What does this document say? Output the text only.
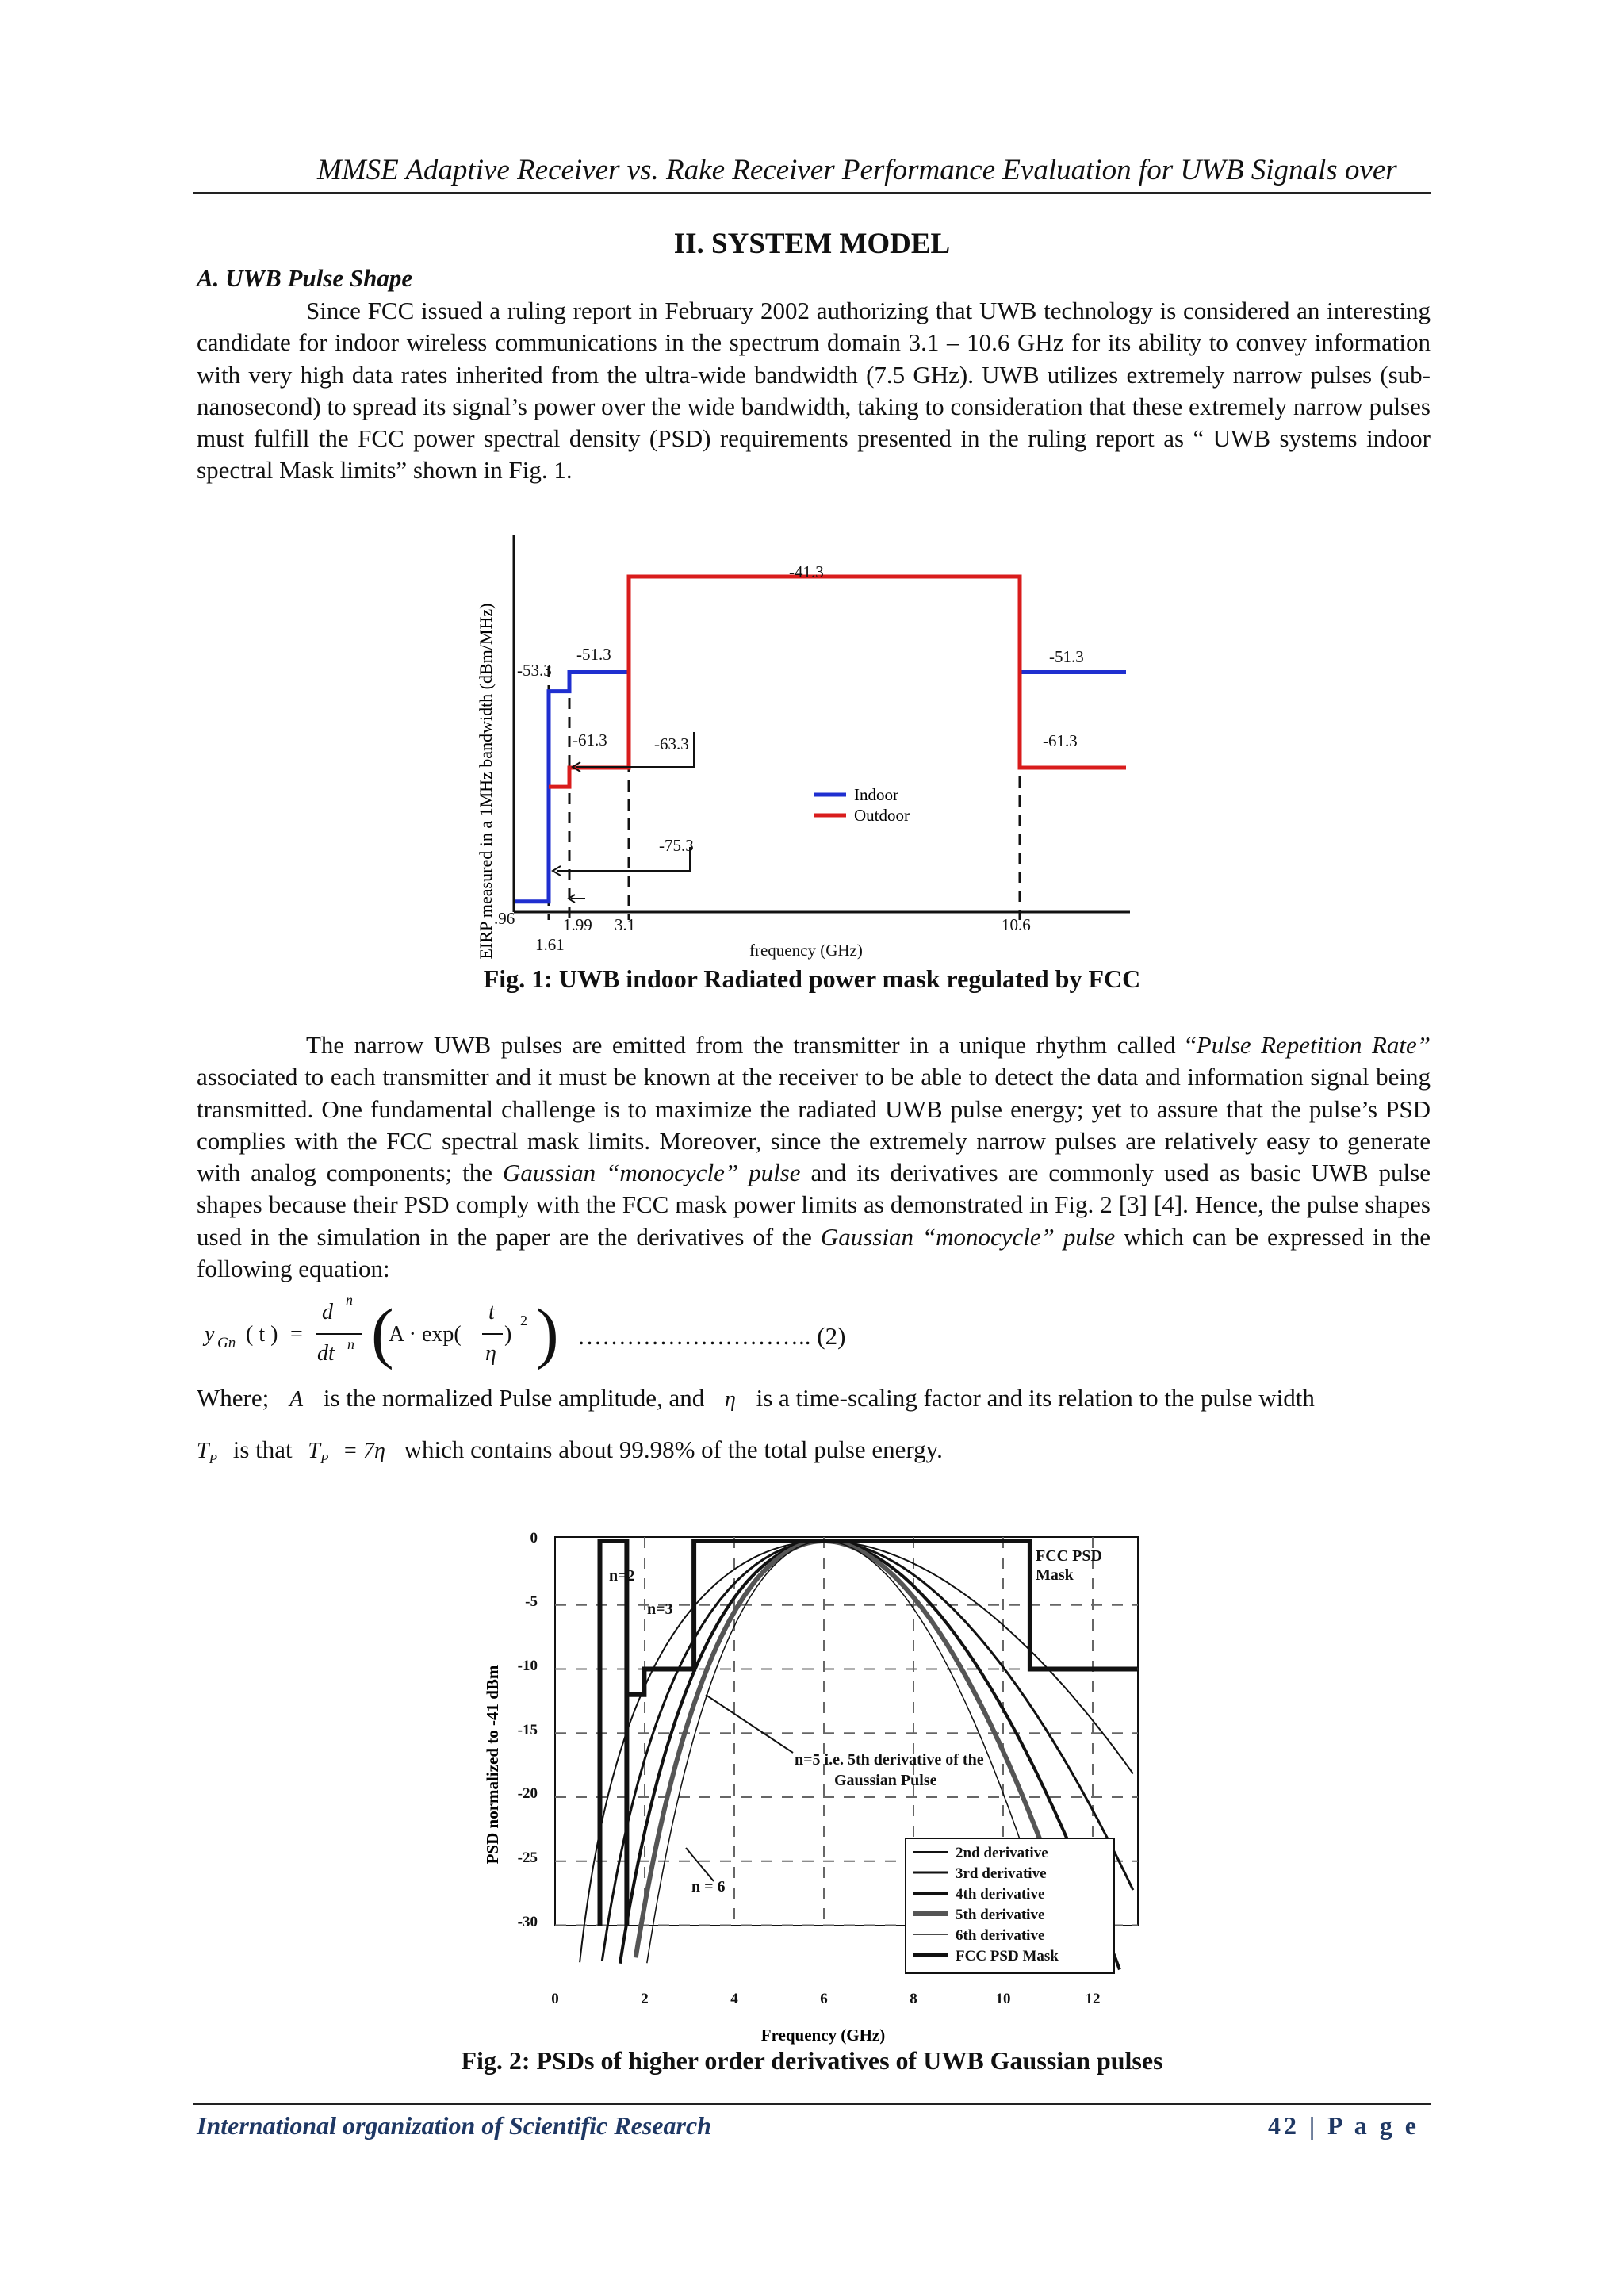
MMSE Adaptive Receiver vs. Rake Receiver Performance Evaluation for UWB Signals over
II. SYSTEM MODEL
A. UWB Pulse Shape

Since FCC issued a ruling report in February 2002 authorizing that UWB technology is considered an interesting candidate for indoor wireless communications in the spectrum domain 3.1 – 10.6 GHz for its ability to convey information with very high data rates inherited from the ultra-wide bandwidth (7.5 GHz). UWB utilizes extremely narrow pulses (sub-nanosecond) to spread its signal’s power over the wide bandwidth, taking to consideration that these extremely narrow pulses must fulfill the FCC power spectral density (PSD) requirements presented in the ruling report as “ UWB systems indoor spectral Mask limits” shown in Fig. 1.

EIRP measured in a 1MHz bandwidth (dBm/MHz)
-41.3
-51.3
-53.3
-61.3	-63.3
-75.3
-51.3
-61.3
Indoor
Outdoor
.96
1.61
1.99 3.1	10.6
frequency (GHz)
Fig. 1: UWB indoor Radiated power mask regulated by FCC

The narrow UWB pulses are emitted from the transmitter in a unique rhythm called “Pulse Repetition Rate” associated to each transmitter and it must be known at the receiver to be able to detect the data and information signal being transmitted. One fundamental challenge is to maximize the radiated UWB pulse energy; yet to assure that the pulse’s PSD complies with the FCC spectral mask limits. Moreover, since the extremely narrow pulses are relatively easy to generate with analog components; the Gaussian “monocycle” pulse and its derivatives are commonly used as basic UWB pulse shapes because their PSD comply with the FCC mask power limits as demonstrated in Fig. 2 [3] [4]. Hence, the pulse shapes used in the simulation in the paper are the derivatives of the Gaussian “monocycle” pulse which can be expressed in the following equation:

y Gn ( t ) =
d n
dt n (
A · exp(
t
η
)
2 ) ……………………….. (2)
Where; A is the normalized Pulse amplitude, and η is a time-scaling factor and its relation to the pulse width
$T_P$ is that $T_P = 7\eta$ which contains about 99.98% of the total pulse energy.
0
-5
-10
-15
-20
-25
-30
0	2	4	6	8	10	12
Frequency (GHz)
PSD normalized to -41 dBm
FCC PSD Mask
n=2
n=3
n=5 i.e. 5th derivative of the Gaussian Pulse
n = 6
2nd derivative
3rd derivative
4th derivative
5th derivative
6th derivative
FCC PSD Mask
Fig. 2: PSDs of higher order derivatives of UWB Gaussian pulses
International organization of Scientific Research	42 | P a g e
